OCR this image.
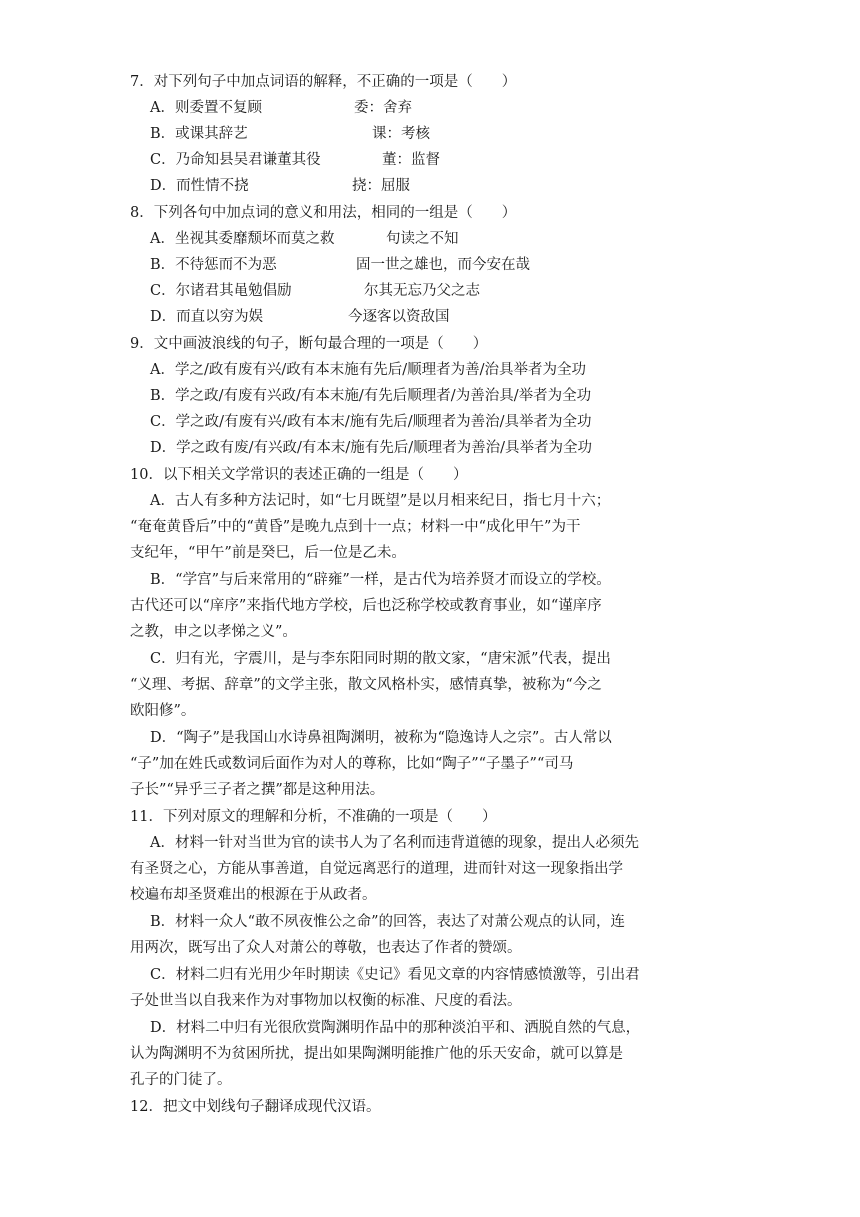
7．对下列句子中加点词语的解释，不正确的一项是（　　）
A．则委置不复顾	委：舍弃
B．或课其辞艺	课：考核
C．乃命知县吴君谦董其役	董：监督
D．而性情不挠	挠：屈服
8．下列各句中加点词的意义和用法，相同的一组是（　　）
A．坐视其委靡颓坏而莫之救	句读之不知
B．不待惩而不为恶	固一世之雄也，而今安在哉
C．尔诸君其黾勉倡励	尔其无忘乃父之志
D．而直以穷为娱	今逐客以资敌国
9．文中画波浪线的句子，断句最合理的一项是（　　）
A．学之/政有废有兴/政有本末施有先后/顺理者为善/治具举者为全功
B．学之政/有废有兴政/有本末施/有先后顺理者/为善治具/举者为全功
C．学之政/有废有兴/政有本末/施有先后/顺理者为善治/具举者为全功
D．学之政有废/有兴政/有本末/施有先后/顺理者为善治/具举者为全功
10．以下相关文学常识的表述正确的一组是（　　）
A．古人有多种方法记时，如“七月既望”是以月相来纪日，指七月十六；
“奄奄黄昏后”中的“黄昏”是晚九点到十一点；材料一中“成化甲午”为干
支纪年，“甲午”前是癸巳，后一位是乙未。
B．“学宫”与后来常用的“辟雍”一样，是古代为培养贤才而设立的学校。
古代还可以“庠序”来指代地方学校，后也泛称学校或教育事业，如“谨庠序
之教，申之以孝悌之义”。
C．归有光，字震川，是与李东阳同时期的散文家，“唐宋派”代表，提出
“义理、考据、辞章”的文学主张，散文风格朴实，感情真挚，被称为“今之
欧阳修”。
D．“陶子”是我国山水诗鼻祖陶渊明，被称为“隐逸诗人之宗”。古人常以
“子”加在姓氏或数词后面作为对人的尊称，比如“陶子”“子墨子”“司马
子长”“异乎三子者之撰”都是这种用法。
11．下列对原文的理解和分析，不准确的一项是（　　）
A．材料一针对当世为官的读书人为了名利而违背道德的现象，提出人必须先
有圣贤之心，方能从事善道，自觉远离恶行的道理，进而针对这一现象指出学
校遍布却圣贤难出的根源在于从政者。
B．材料一众人“敢不夙夜惟公之命”的回答，表达了对萧公观点的认同，连
用两次，既写出了众人对萧公的尊敬，也表达了作者的赞颂。
C．材料二归有光用少年时期读《史记》看见文章的内容情感愤激等，引出君
子处世当以自我来作为对事物加以权衡的标准、尺度的看法。
D．材料二中归有光很欣赏陶渊明作品中的那种淡泊平和、洒脱自然的气息，
认为陶渊明不为贫困所扰，提出如果陶渊明能推广他的乐天安命，就可以算是
孔子的门徒了。
12．把文中划线句子翻译成现代汉语。
